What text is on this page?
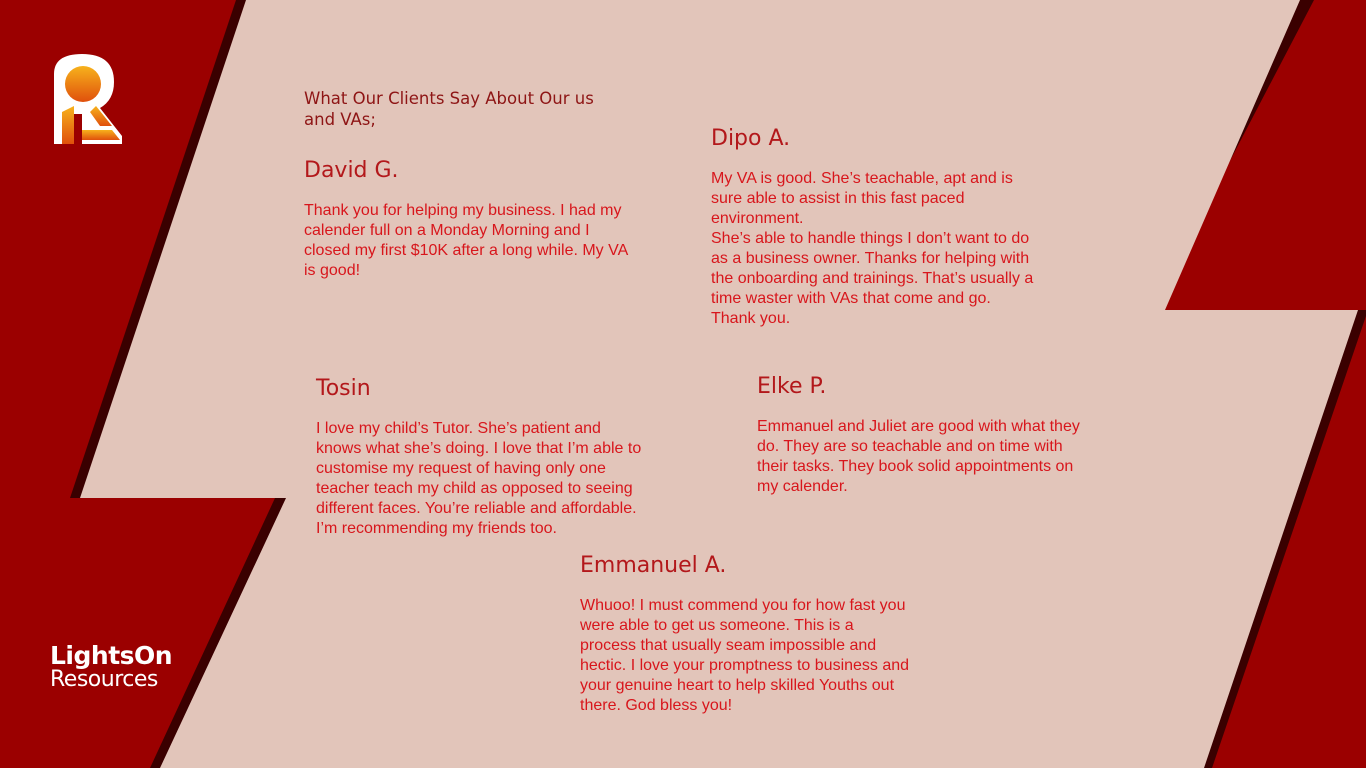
LightsOn
Resources
What Our Clients Say About Our us
and VAs;
David G.

Thank you for helping my business. I had my
calender full on a Monday Morning and I
closed my first $10K after a long while. My VA
is good!

Dipo A.

My VA is good. She’s teachable, apt and is
sure able to assist in this fast paced
environment.
She’s able to handle things I don’t want to do
as a business owner. Thanks for helping with
the onboarding and trainings. That’s usually a
time waster with VAs that come and go.
Thank you.

Tosin

I love my child’s Tutor. She’s patient and
knows what she’s doing. I love that I’m able to
customise my request of having only one
teacher teach my child as opposed to seeing
different faces. You’re reliable and affordable.
I’m recommending my friends too.

Elke P.

Emmanuel and Juliet are good with what they
do. They are so teachable and on time with
their tasks. They book solid appointments on
my calender.

Emmanuel A.

Whuoo! I must commend you for how fast you
were able to get us someone. This is a
process that usually seam impossible and
hectic. I love your promptness to business and
your genuine heart to help skilled Youths out
there. God bless you!
